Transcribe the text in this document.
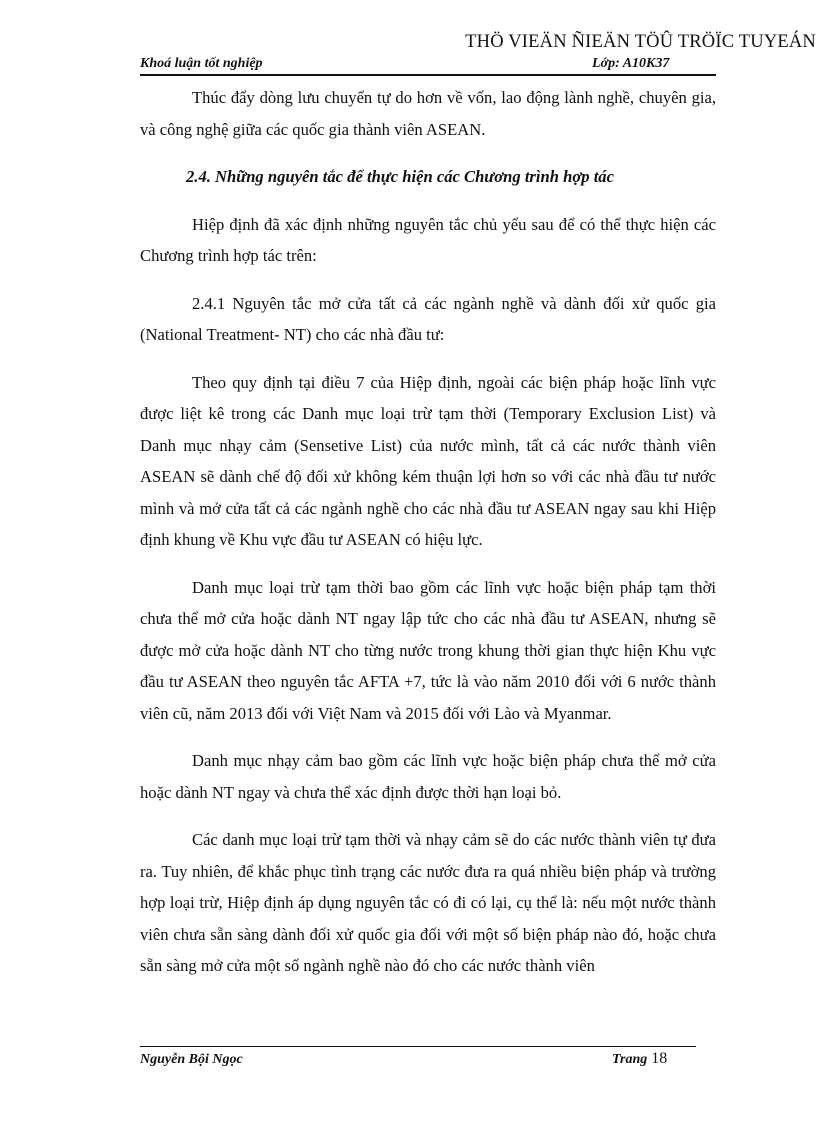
THÖ VIEÄN ÑIEÄN TÖÛ TRÖÏC TUYEÁN
Khoá luận tốt nghiệp	Lớp: A10K37

Thúc đẩy dòng lưu chuyển tự do hơn về vốn, lao động lành nghề, chuyên gia, và công nghệ giữa các quốc gia thành viên ASEAN.

2.4. Những nguyên tắc để thực hiện các Chương trình hợp tác

Hiệp định đã xác định những nguyên tắc chủ yếu sau để có thể thực hiện các Chương trình hợp tác trên:

2.4.1 Nguyên tắc mở cửa tất cả các ngành nghề và dành đối xử quốc gia (National Treatment- NT) cho các nhà đầu tư:

Theo quy định tại điều 7 của Hiệp định, ngoài các biện pháp hoặc lĩnh vực được liệt kê trong các Danh mục loại trừ tạm thời (Temporary Exclusion List) và Danh mục nhạy cảm (Sensetive List) của nước mình, tất cả các nước thành viên ASEAN sẽ dành chế độ đối xử không kém thuận lợi hơn so với các nhà đầu tư nước mình và mở cửa tất cả các ngành nghề cho các nhà đầu tư ASEAN ngay sau khi Hiệp định khung về Khu vực đầu tư ASEAN có hiệu lực.

Danh mục loại trừ tạm thời bao gồm các lĩnh vực hoặc biện pháp tạm thời chưa thể mở cửa hoặc dành NT ngay lập tức cho các nhà đầu tư ASEAN, nhưng sẽ được mở cửa hoặc dành NT cho từng nước trong khung thời gian thực hiện Khu vực đầu tư ASEAN theo nguyên tắc AFTA +7, tức là vào năm 2010 đối với 6 nước thành viên cũ, năm 2013 đối với Việt Nam và 2015 đối với Lào và Myanmar.

Danh mục nhạy cảm bao gồm các lĩnh vực hoặc biện pháp chưa thể mở cửa hoặc dành NT ngay và chưa thể xác định được thời hạn loại bỏ.

Các danh mục loại trừ tạm thời và nhạy cảm sẽ do các nước thành viên tự đưa ra. Tuy nhiên, để khắc phục tình trạng các nước đưa ra quá nhiều biện pháp và trường hợp loại trừ, Hiệp định áp dụng nguyên tắc có đi có lại, cụ thể là: nếu một nước thành viên chưa sẵn sàng dành đối xử quốc gia đối với một số biện pháp nào đó, hoặc chưa sẵn sàng mở cửa một số ngành nghề nào đó cho các nước thành viên

Nguyễn Bội Ngọc	Trang 18
